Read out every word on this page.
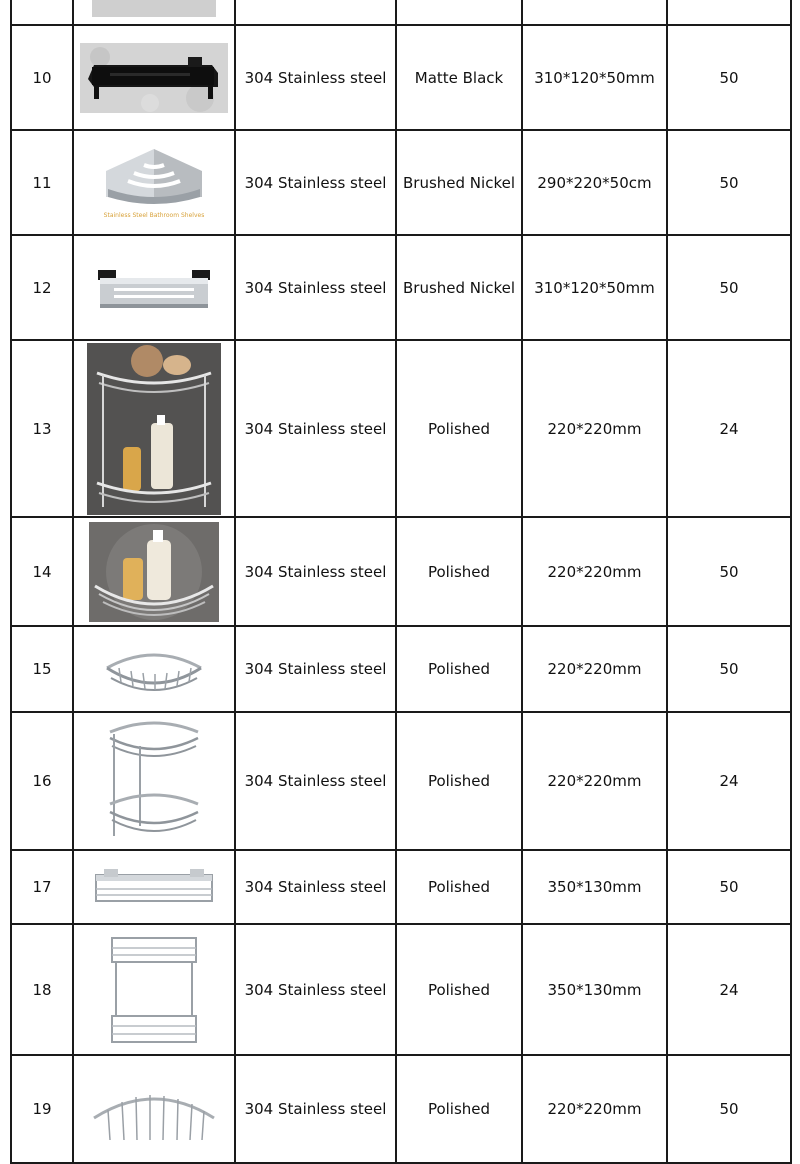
10		304 Stainless steel	Matte Black	310*120*50mm	50
11	Stainless Steel Bathroom Shelves	304 Stainless steel	Brushed Nickel	290*220*50cm	50
12		304 Stainless steel	Brushed Nickel	310*120*50mm	50
13		304 Stainless steel	Polished	220*220mm	24
14		304 Stainless steel	Polished	220*220mm	50
15		304 Stainless steel	Polished	220*220mm	50
16		304 Stainless steel	Polished	220*220mm	24
17		304 Stainless steel	Polished	350*130mm	50
18		304 Stainless steel	Polished	350*130mm	24
19		304 Stainless steel	Polished	220*220mm	50
